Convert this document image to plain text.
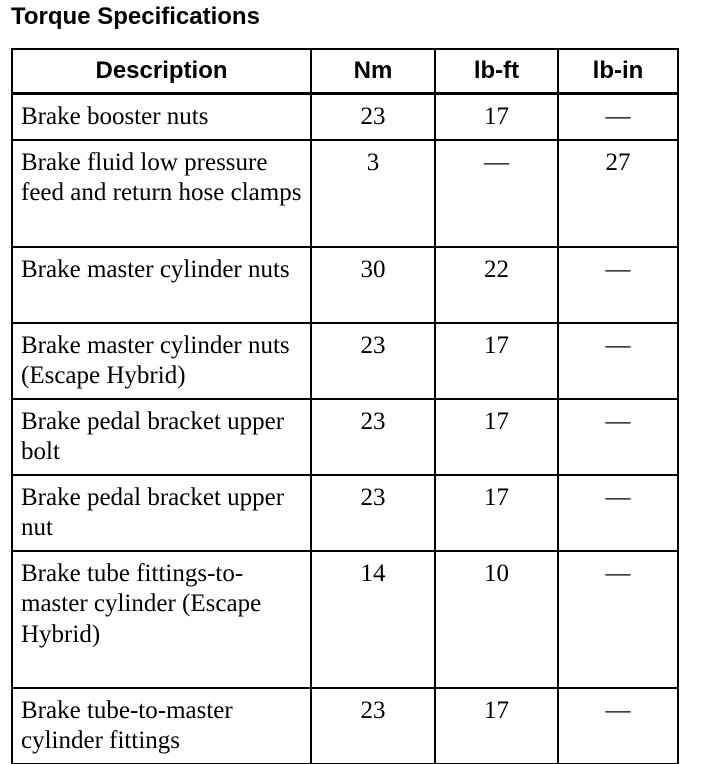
Torque Specifications
Description	Nm	lb-ft	lb-in
Brake booster nuts	23	17	—
Brake fluid low pressure feed and return hose clamps	3	—	27
Brake master cylinder nuts	30	22	—
Brake master cylinder nuts (Escape Hybrid)	23	17	—
Brake pedal bracket upper bolt	23	17	—
Brake pedal bracket upper nut	23	17	—
Brake tube fittings-to-master cylinder (Escape Hybrid)	14	10	—
Brake tube-to-master cylinder fittings	23	17	—
